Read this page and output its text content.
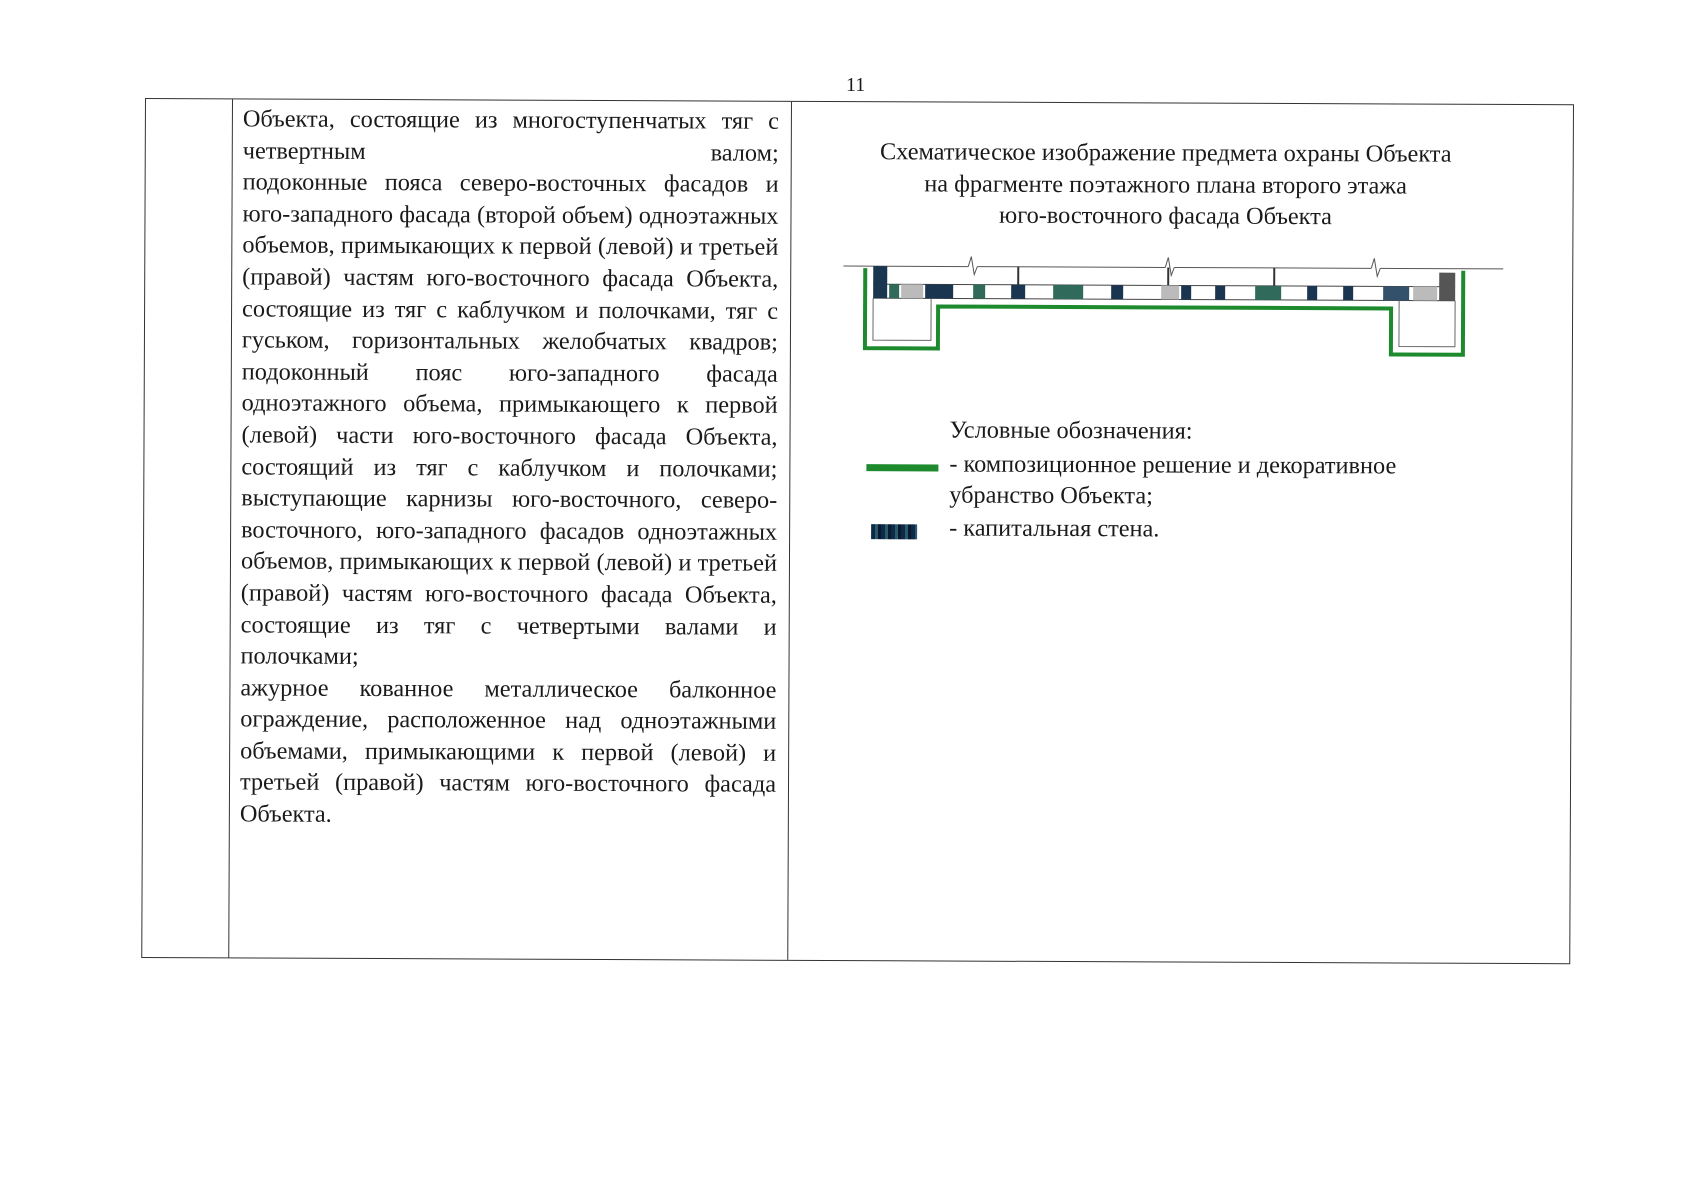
11

Объекта, состоящие из многоступенчатых тяг с четвертным валом;

подоконные пояса северо-восточных фасадов и юго-западного фасада (второй объем) одноэтажных объемов, примыкающих к первой (левой) и третьей (правой) частям юго-восточного фасада Объекта, состоящие из тяг с каблучком и полочками, тяг с гуськом, горизонтальных желобчатых квадров;

подоконный пояс юго-западного фасада одноэтажного объема, примыкающего к первой (левой) части юго-восточного фасада Объекта, состоящий из тяг с каблучком и полочками;

выступающие карнизы юго-восточного, северо-восточного, юго-западного фасадов одноэтажных объемов, примыкающих к первой (левой) и третьей (правой) частям юго-восточного фасада Объекта, состоящие из тяг с четвертыми валами и полочками;

ажурное кованное металлическое балконное ограждение, расположенное над одноэтажными объемами, примыкающими к первой (левой) и третьей (правой) частям юго-восточного фасада Объекта.

Схематическое изображение предмета охраны Объекта
на фрагменте поэтажного плана второго этажа
юго-восточного фасада Объекта
Условные обозначения:
- композиционное решение и декоративное
убранство Объекта;
- капитальная стена.
